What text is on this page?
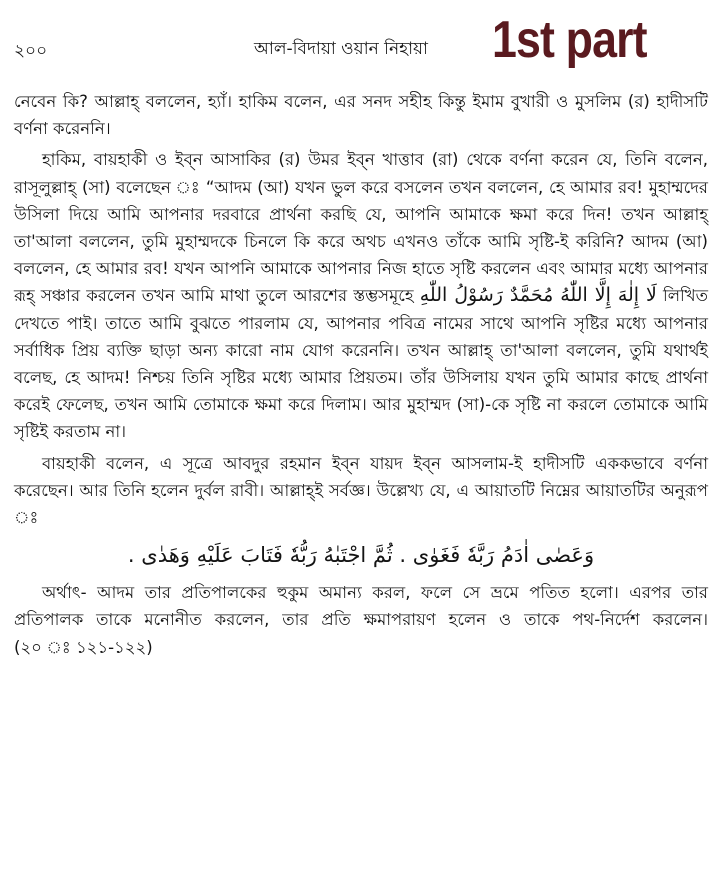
২০০	আল-বিদায়া ওয়ান নিহায়া 1st part

নেবেন কি? আল্লাহ্ বললেন, হ্যাঁ। হাকিম বলেন, এর সনদ সহীহ কিন্তু ইমাম বুখারী ও মুসলিম (র) হাদীসটি বর্ণনা করেননি।

হাকিম, বায়হাকী ও ইব্ন আসাকির (র) উমর ইব্ন খাত্তাব (রা) থেকে বর্ণনা করেন যে, তিনি বলেন, রাসূলুল্লাহ্ (সা) বলেছেন ঃ “আদম (আ) যখন ভুল করে বসলেন তখন বললেন, হে আমার রব! মুহাম্মদের উসিলা দিয়ে আমি আপনার দরবারে প্রার্থনা করছি যে, আপনি আমাকে ক্ষমা করে দিন! তখন আল্লাহ্ তা'আলা বললেন, তুমি মুহাম্মদকে চিনলে কি করে অথচ এখনও তাঁকে আমি সৃষ্টি-ই করিনি? আদম (আ) বললেন, হে আমার রব! যখন আপনি আমাকে আপনার নিজ হাতে সৃষ্টি করলেন এবং আমার মধ্যে আপনার রূহ্ সঞ্চার করলেন তখন আমি মাথা তুলে আরশের স্তম্ভসমূহে لَا إِلٰهَ إِلَّا اللّٰهُ مُحَمَّدٌ رَسُوْلُ اللّٰهِ লিখিত দেখতে পাই। তাতে আমি বুঝতে পারলাম যে, আপনার পবিত্র নামের সাথে আপনি সৃষ্টির মধ্যে আপনার সর্বাধিক প্রিয় ব্যক্তি ছাড়া অন্য কারো নাম যোগ করেননি। তখন আল্লাহ্ তা'আলা বললেন, তুমি যথার্থই বলেছ, হে আদম! নিশ্চয় তিনি সৃষ্টির মধ্যে আমার প্রিয়তম। তাঁর উসিলায় যখন তুমি আমার কাছে প্রার্থনা করেই ফেলেছ, তখন আমি তোমাকে ক্ষমা করে দিলাম। আর মুহাম্মদ (সা)-কে সৃষ্টি না করলে তোমাকে আমি সৃষ্টিই করতাম না।

বায়হাকী বলেন, এ সূত্রে আবদুর রহমান ইব্ন যায়দ ইব্ন আসলাম-ই হাদীসটি এককভাবে বর্ণনা করেছেন। আর তিনি হলেন দুর্বল রাবী। আল্লাহ্ই সর্বজ্ঞ। উল্লেখ্য যে, এ আয়াতটি নিম্নের আয়াতটির অনুরূপ ঃ

وَعَصٰى اٰدَمُ رَبَّهٗ فَغَوٰى ‎. ثُمَّ اجْتَبٰهُ رَبُّهٗ فَتَابَ عَلَيْهِ وَهَدٰى ‎.

অর্থাৎ- আদম তার প্রতিপালকের হুকুম অমান্য করল, ফলে সে ভ্রমে পতিত হলো। এরপর তার প্রতিপালক তাকে মনোনীত করলেন, তার প্রতি ক্ষমাপরায়ণ হলেন ও তাকে পথ-নির্দেশ করলেন। (২০ ঃ ১২১-১২২)
